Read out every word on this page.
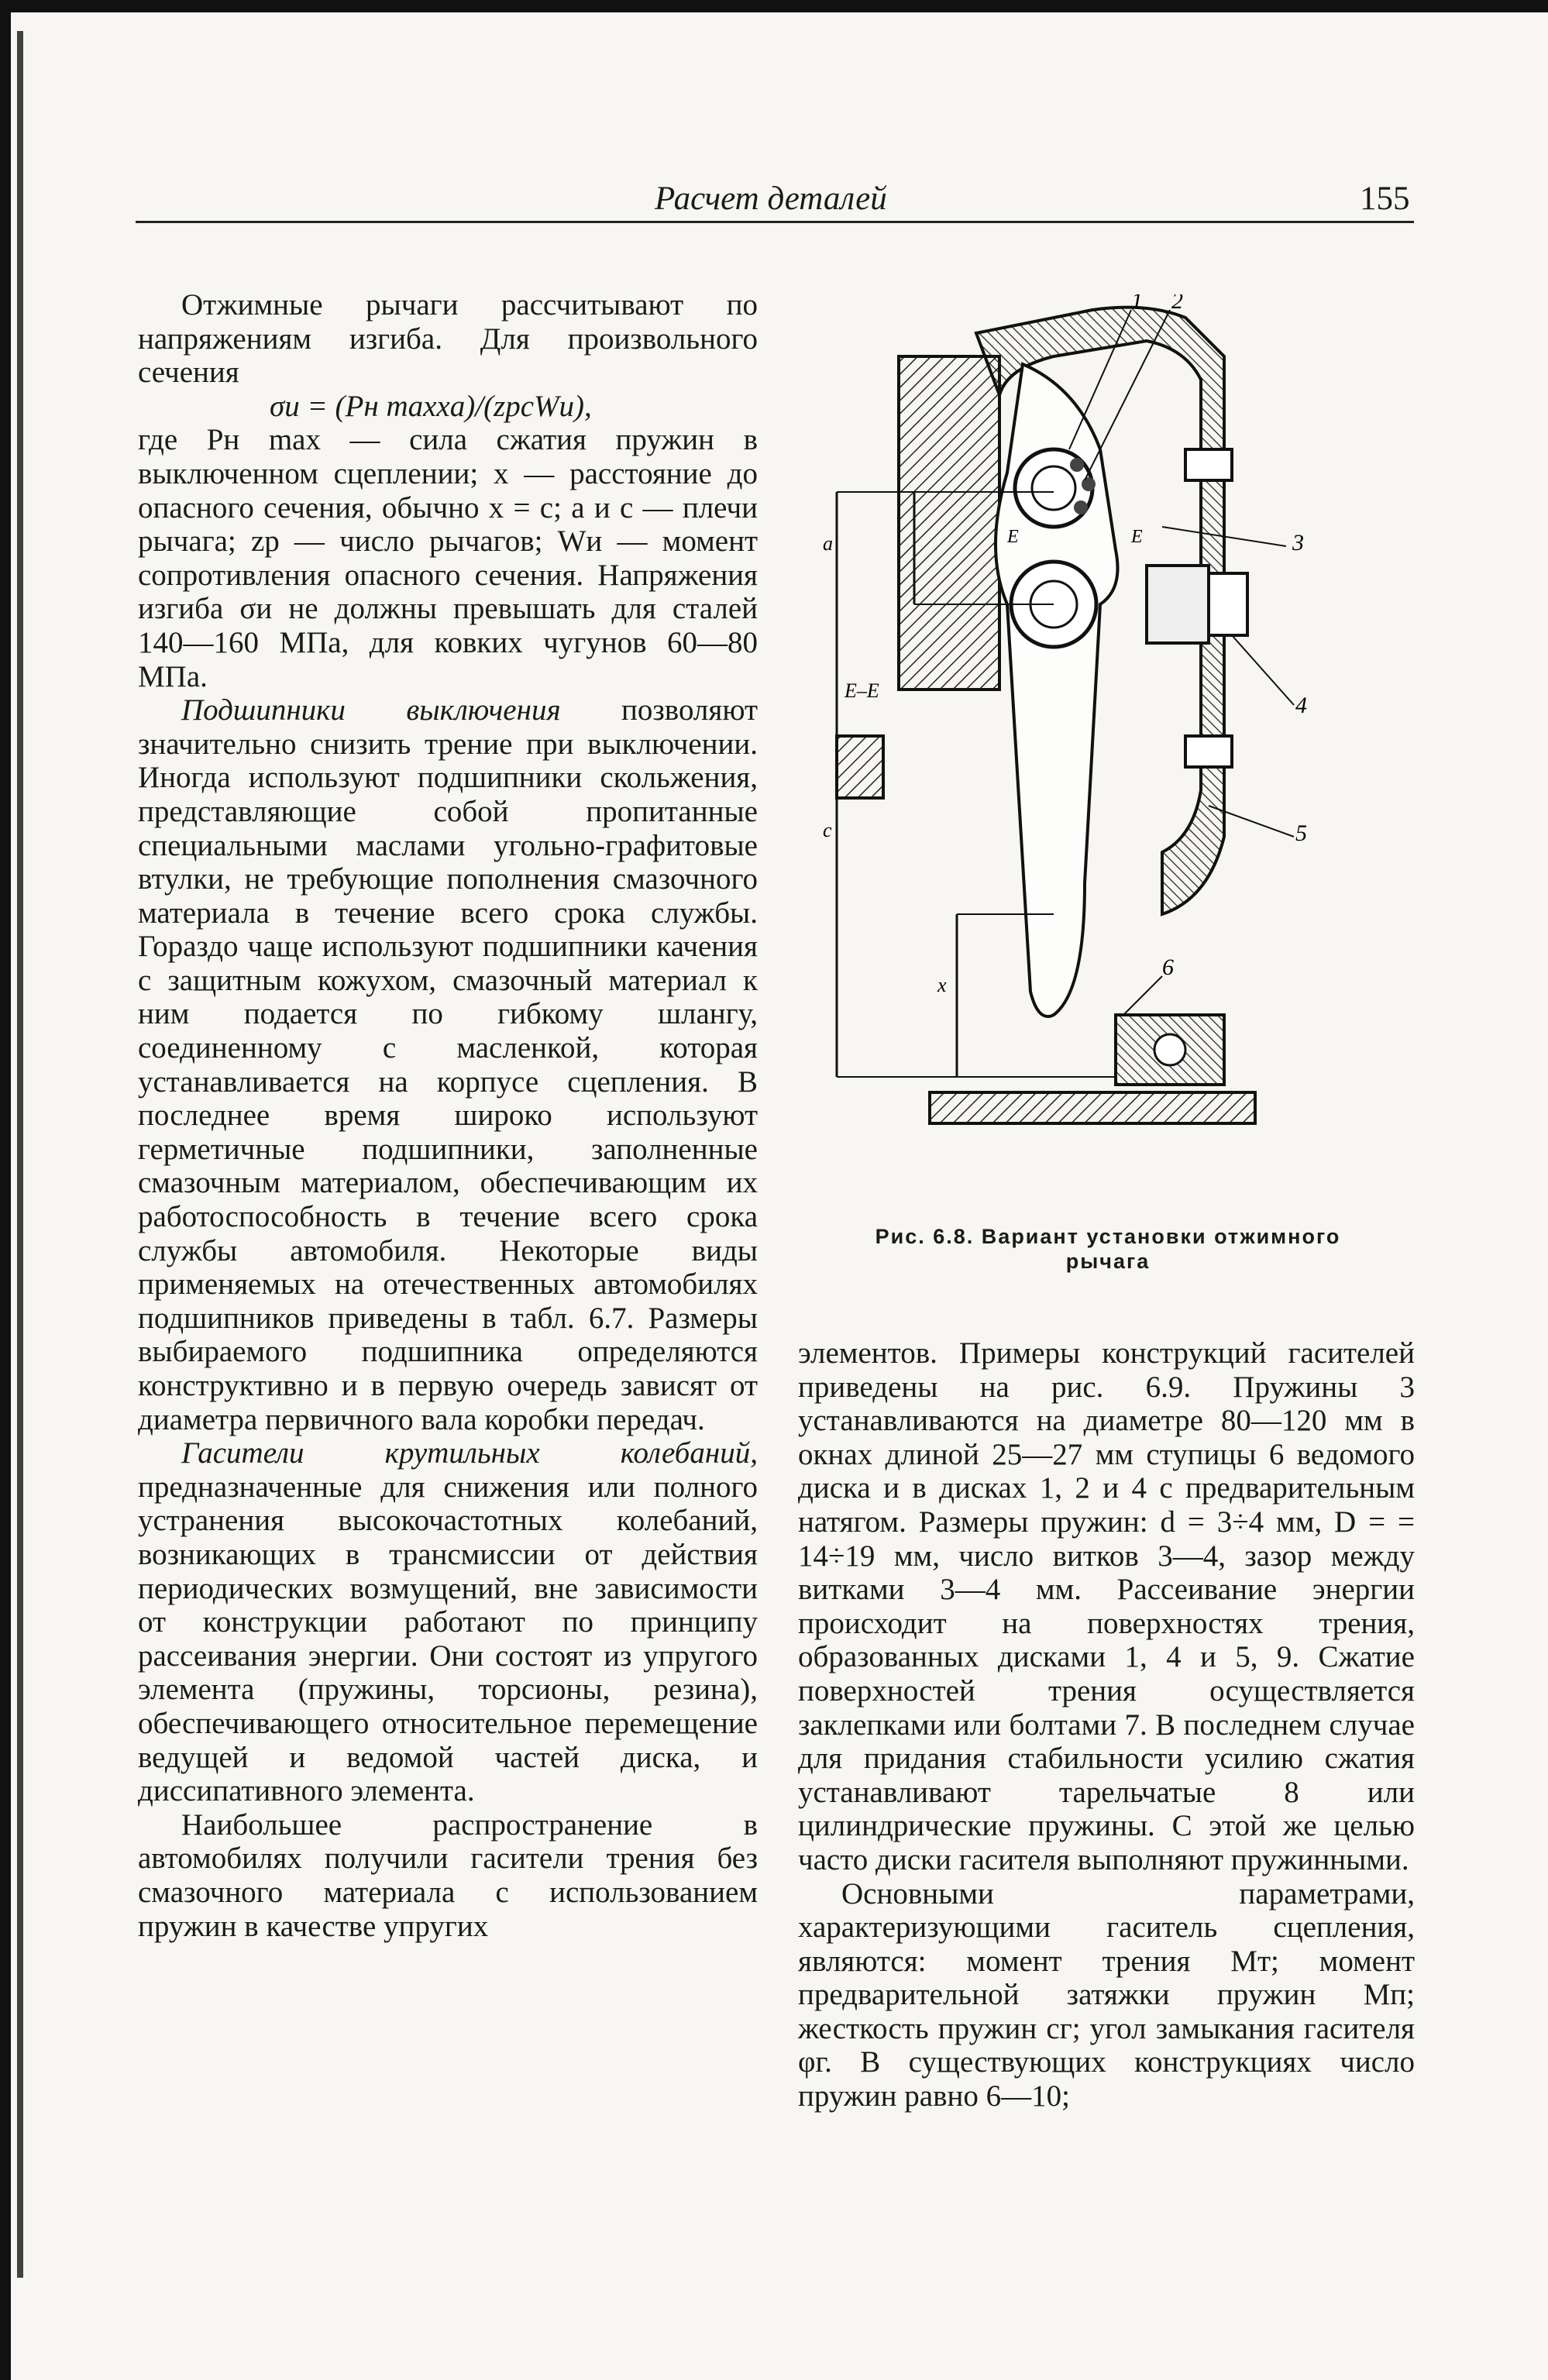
Расчет деталей	155

Отжимные рычаги рассчитывают по напряжениям изгиба. Для произвольного сечения

σи = (Pн maxxa)/(zpcWи),

где Pн max — сила сжатия пружин в выключенном сцеплении; x — расстояние до опасного сечения, обычно x = c; a и c — плечи рычага; zp — число рычагов; Wи — момент сопротивления опасного сечения. Напряжения изгиба σи не должны превышать для сталей 140—160 МПа, для ковких чугунов 60—80 МПа.

Подшипники выключения позволяют значительно снизить трение при выключении. Иногда используют подшипники скольжения, представляющие собой пропитанные специальными маслами угольно-графитовые втулки, не требующие пополнения смазочного материала в течение всего срока службы. Гораздо чаще используют подшипники качения с защитным кожухом, смазочный материал к ним подается по гибкому шлангу, соединенному с масленкой, которая устанавливается на корпусе сцепления. В последнее время широко используют герметичные подшипники, заполненные смазочным материалом, обеспечивающим их работоспособность в течение всего срока службы автомобиля. Некоторые виды применяемых на отечественных автомобилях подшипников приведены в табл. 6.7. Размеры выбираемого подшипника определяются конструктивно и в первую очередь зависят от диаметра первичного вала коробки передач.

Гасители крутильных колебаний, предназначенные для снижения или полного устранения высокочастотных колебаний, возникающих в трансмиссии от действия периодических возмущений, вне зависимости от конструкции работают по принципу рассеивания энергии. Они состоят из упругого элемента (пружины, торсионы, резина), обеспечивающего относительное перемещение ведущей и ведомой частей диска, и диссипативного элемента.

Наибольшее распространение в автомобилях получили гасители трения без смазочного материала с использованием пружин в качестве упругих

1 2
3
4
5
6
a
c
x
E	E
E–E
Рис. 6.8. Вариант установки отжимного
рычага

элементов. Примеры конструкций гасителей приведены на рис. 6.9. Пружины 3 устанавливаются на диаметре 80—120 мм в окнах длиной 25—27 мм ступицы 6 ведомого диска и в дисках 1, 2 и 4 с предварительным натягом. Размеры пружин: d = 3÷4 мм, D = = 14÷19 мм, число витков 3—4, зазор между витками 3—4 мм. Рассеивание энергии происходит на поверхностях трения, образованных дисками 1, 4 и 5, 9. Сжатие поверхностей трения осуществляется заклепками или болтами 7. В последнем случае для придания стабильности усилию сжатия устанавливают тарельчатые 8 или цилиндрические пружины. С этой же целью часто диски гасителя выполняют пружинными.

Основными параметрами, характеризующими гаситель сцепления, являются: момент трения Mт; момент предварительной затяжки пружин Mп; жесткость пружин cг; угол замыкания гасителя φг. В существующих конструкциях число пружин равно 6—10;
